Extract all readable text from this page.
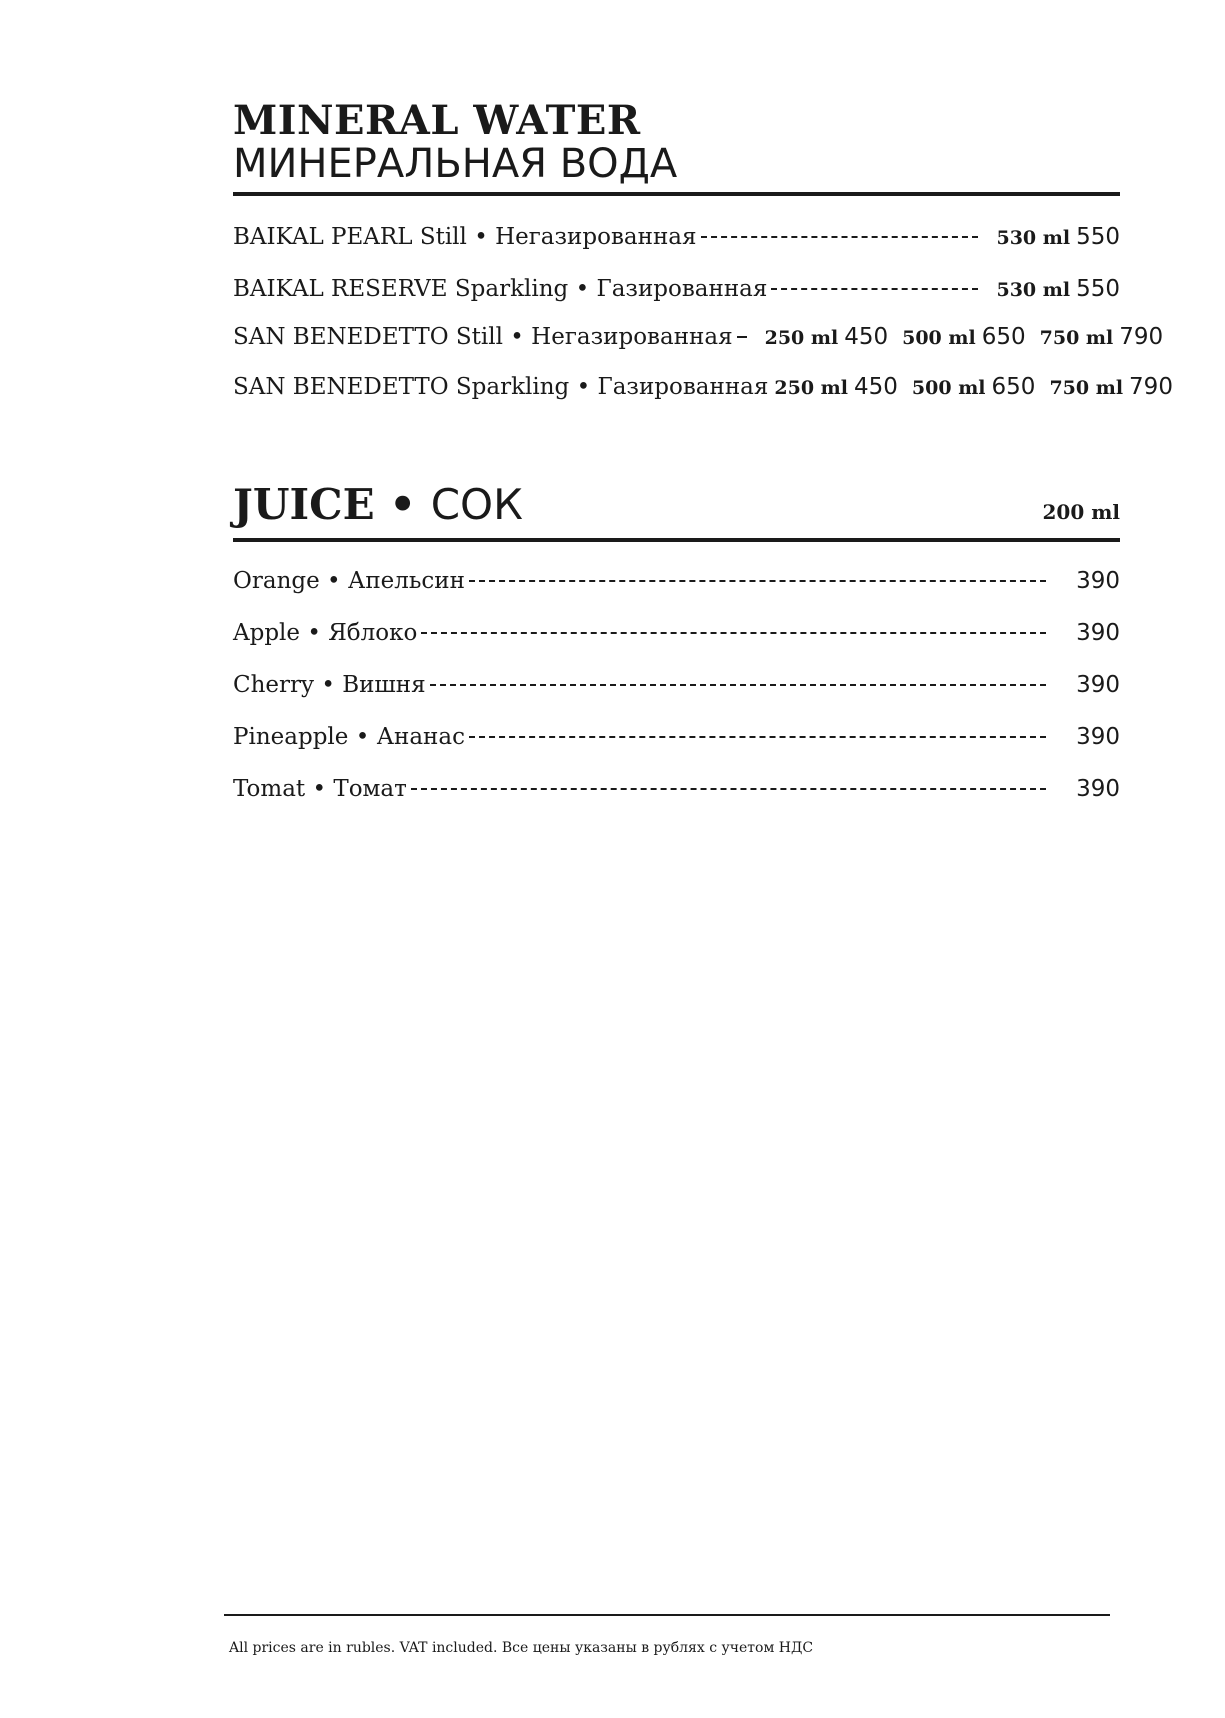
MINERAL WATER
МИНЕРАЛЬНАЯ ВОДА
BAIKAL PEARL Still • Негазированная	530 ml 550
BAIKAL RESERVE Sparkling • Газированная	530 ml 550
SAN BENEDETTO Still • Негазированная 250 ml 450 500 ml 650 750 ml 790
SAN BENEDETTO Sparkling • Газированная 250 ml 450 500 ml 650 750 ml 790
JUICE • СОК	200 ml
Orange • Апельсин	390
Apple • Яблоко	390
Cherry • Вишня	390
Pineapple • Ананас	390
Tomat • Томат	390
All prices are in rubles. VAT included. Все цены указаны в рублях с учетом НДС
